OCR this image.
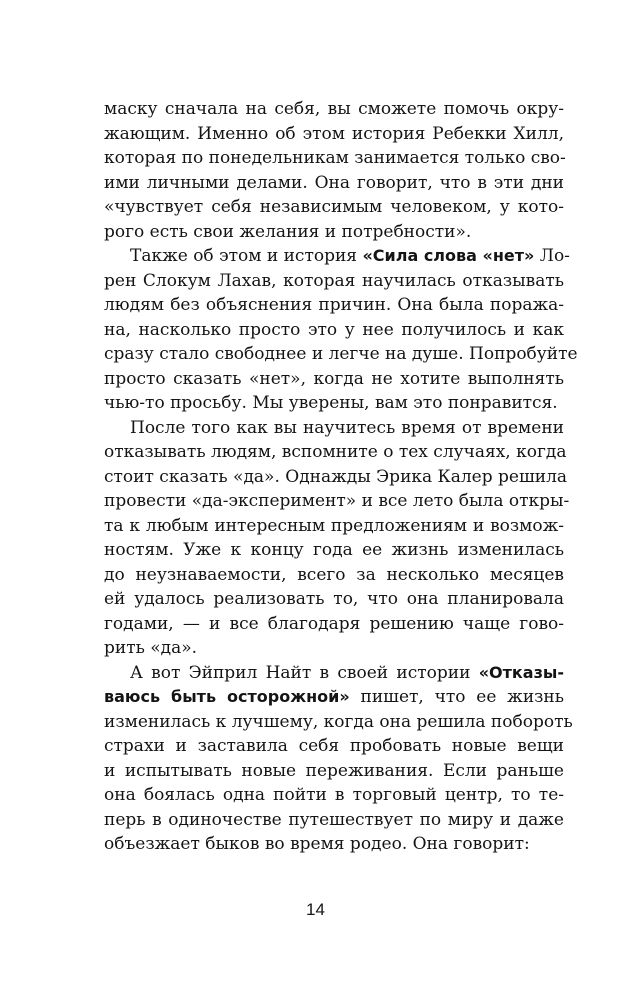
маску сначала на себя, вы сможете помочь окру-
жающим. Именно об этом история Ребекки Хилл,
которая по понедельникам занимается только сво-
ими личными делами. Она говорит, что в эти дни
«чувствует себя независимым человеком, у кото-
рого есть свои желания и потребности».
Также об этом и история «Сила слова «нет» Ло-
рен Слокум Лахав, которая научилась отказывать
людям без объяснения причин. Она была поража-
на, насколько просто это у нее получилось и как
сразу стало свободнее и легче на душе. Попробуйте
просто сказать «нет», когда не хотите выполнять
чью-то просьбу. Мы уверены, вам это понравится.
После того как вы научитесь время от времени
отказывать людям, вспомните о тех случаях, когда
стоит сказать «да». Однажды Эрика Калер решила
провести «да-эксперимент» и все лето была откры-
та к любым интересным предложениям и возмож-
ностям. Уже к концу года ее жизнь изменилась
до неузнаваемости, всего за несколько месяцев
ей удалось реализовать то, что она планировала
годами, — и все благодаря решению чаще гово-
рить «да».
А вот Эйприл Найт в своей истории «Отказы-
ваюсь быть осторожной» пишет, что ее жизнь
изменилась к лучшему, когда она решила побороть
страхи и заставила себя пробовать новые вещи
и испытывать новые переживания. Если раньше
она боялась одна пойти в торговый центр, то те-
перь в одиночестве путешествует по миру и даже
объезжает быков во время родео. Она говорит:
14
